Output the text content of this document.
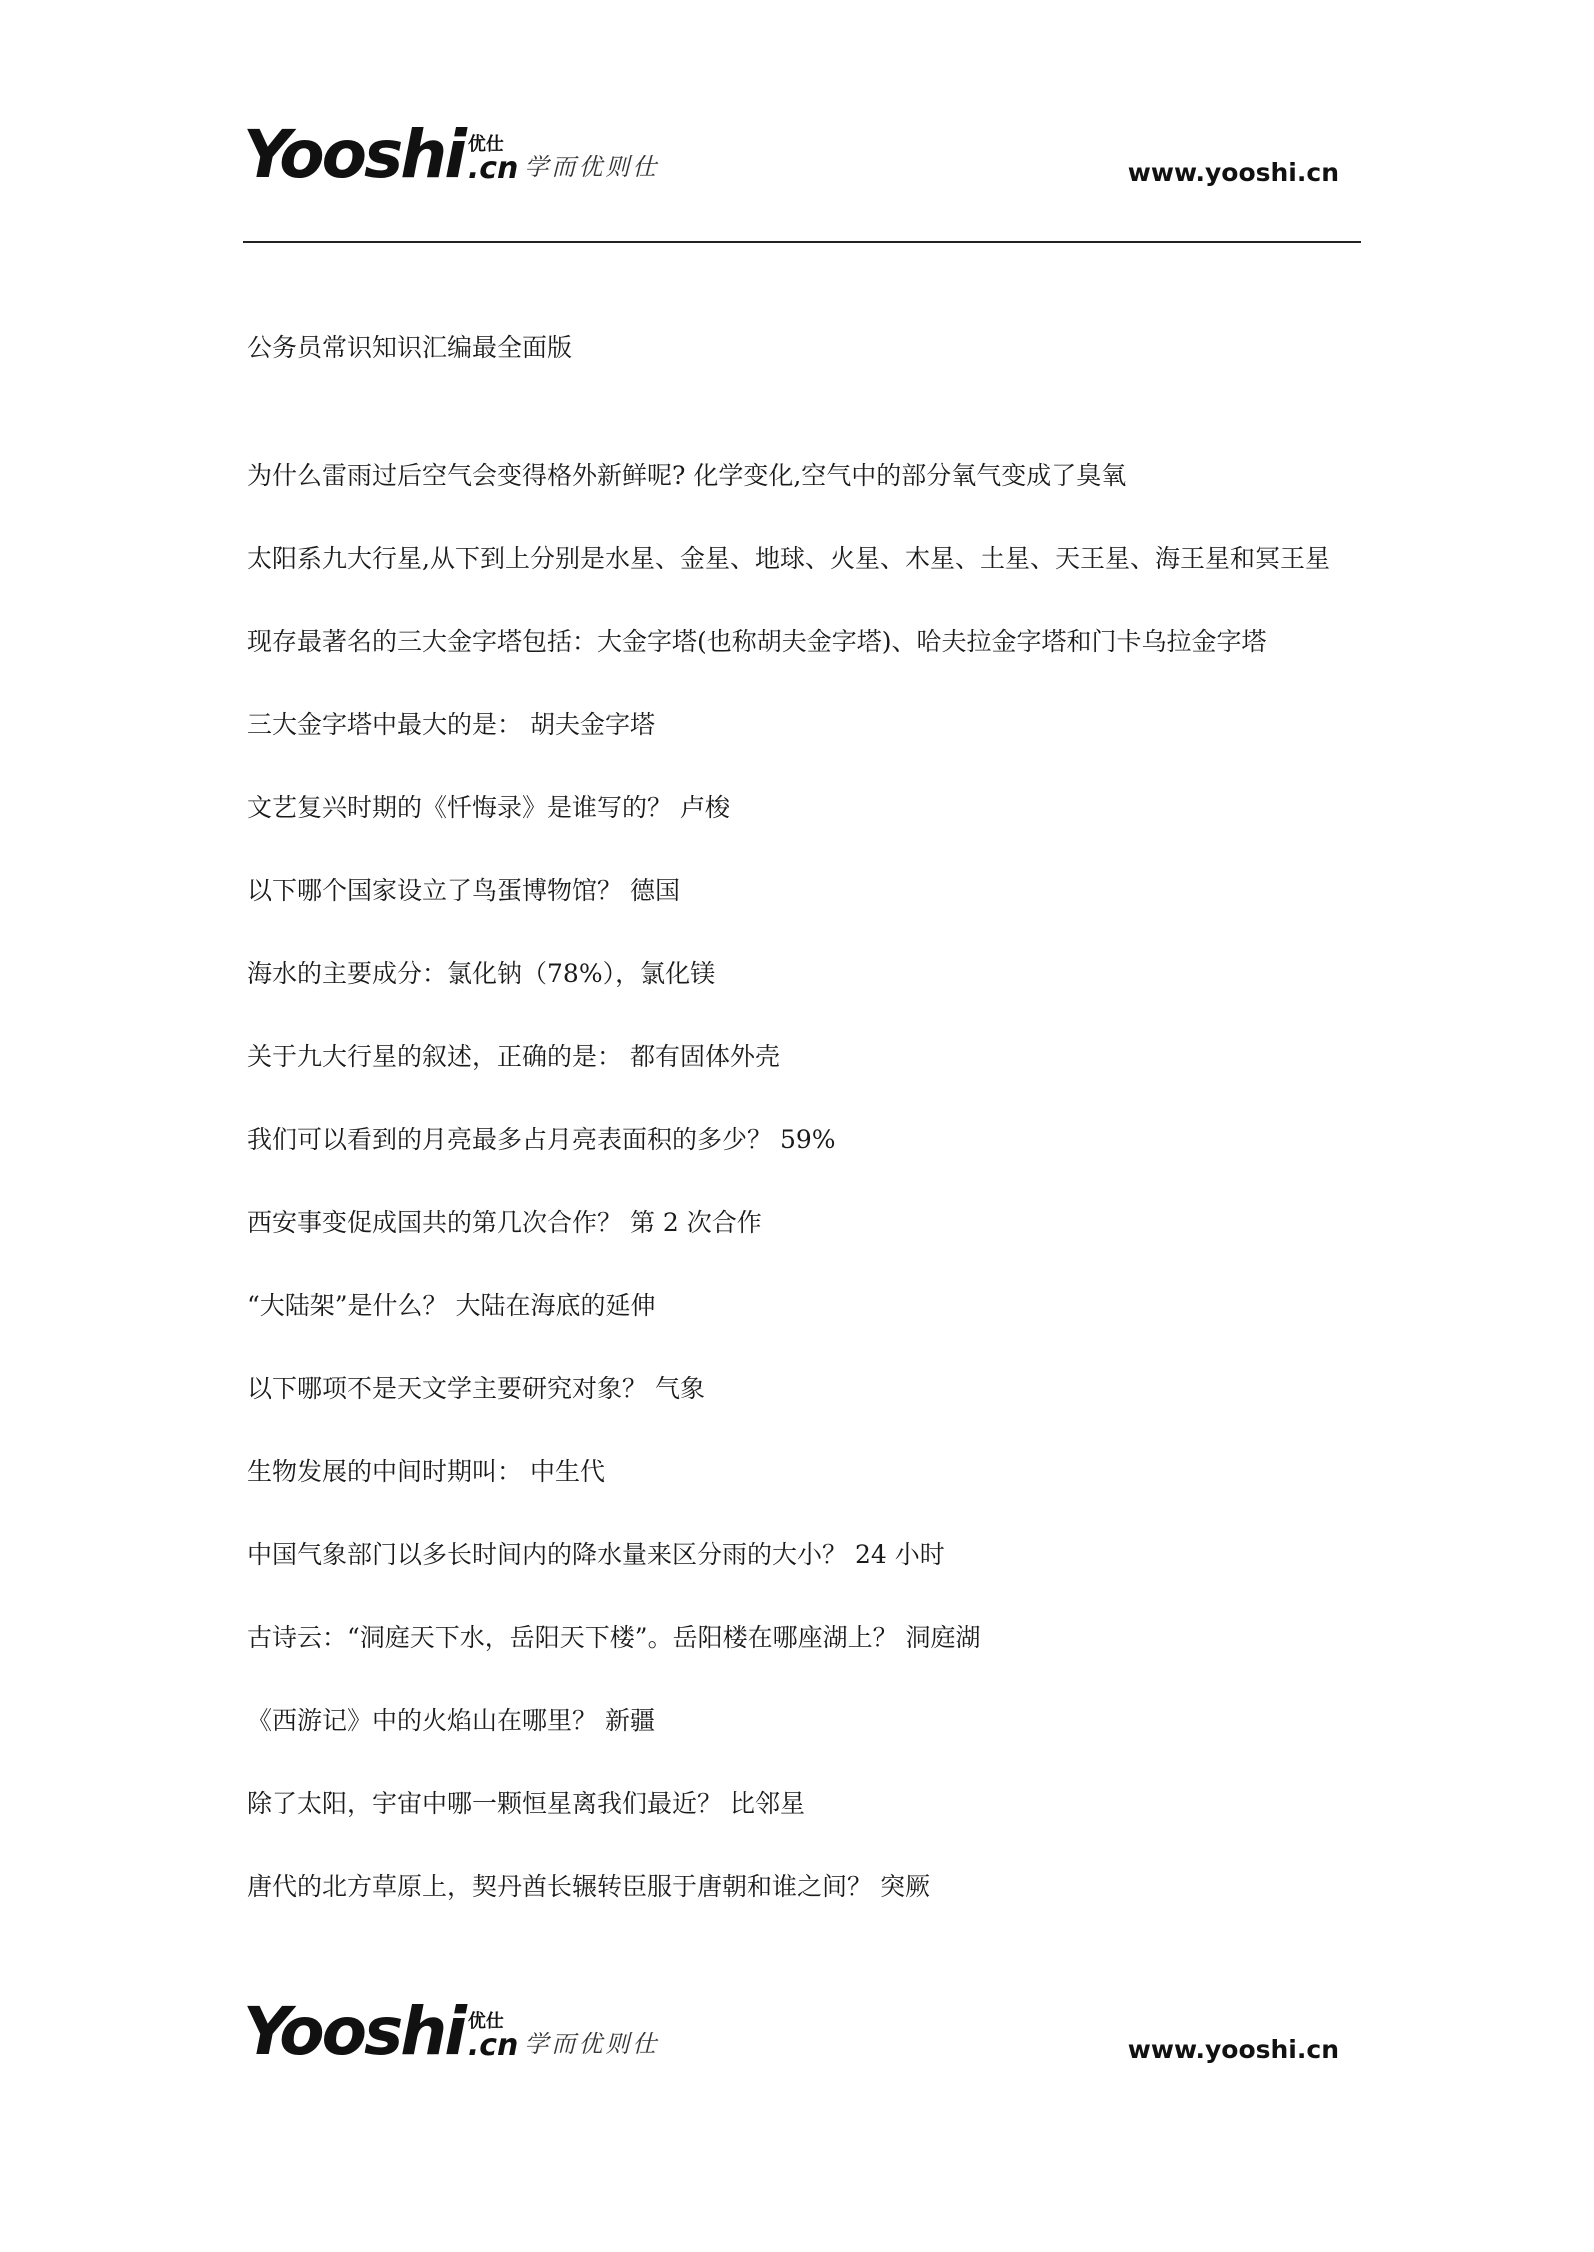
Yooshi 优仕
.cn 学而优则仕	www.yooshi.cn
公务员常识知识汇编最全面版
为什么雷雨过后空气会变得格外新鲜呢? 化学变化,空气中的部分氧气变成了臭氧
太阳系九大行星,从下到上分别是水星、金星、地球、火星、木星、土星、天王星、海王星和冥王星
现存最著名的三大金字塔包括：大金字塔(也称胡夫金字塔)、哈夫拉金字塔和门卡乌拉金字塔
三大金字塔中最大的是： 胡夫金字塔
文艺复兴时期的《忏悔录》是谁写的？ 卢梭
以下哪个国家设立了鸟蛋博物馆？ 德国
海水的主要成分：氯化钠（78%），氯化镁
关于九大行星的叙述，正确的是： 都有固体外壳
我们可以看到的月亮最多占月亮表面积的多少？ 59%
西安事变促成国共的第几次合作？ 第 2 次合作
“大陆架”是什么？ 大陆在海底的延伸
以下哪项不是天文学主要研究对象？ 气象
生物发展的中间时期叫： 中生代
中国气象部门以多长时间内的降水量来区分雨的大小？ 24 小时
古诗云：“洞庭天下水，岳阳天下楼”。岳阳楼在哪座湖上？ 洞庭湖
《西游记》中的火焰山在哪里？ 新疆
除了太阳，宇宙中哪一颗恒星离我们最近？ 比邻星
唐代的北方草原上，契丹酋长辗转臣服于唐朝和谁之间？ 突厥
Yooshi 优仕
.cn 学而优则仕	www.yooshi.cn
